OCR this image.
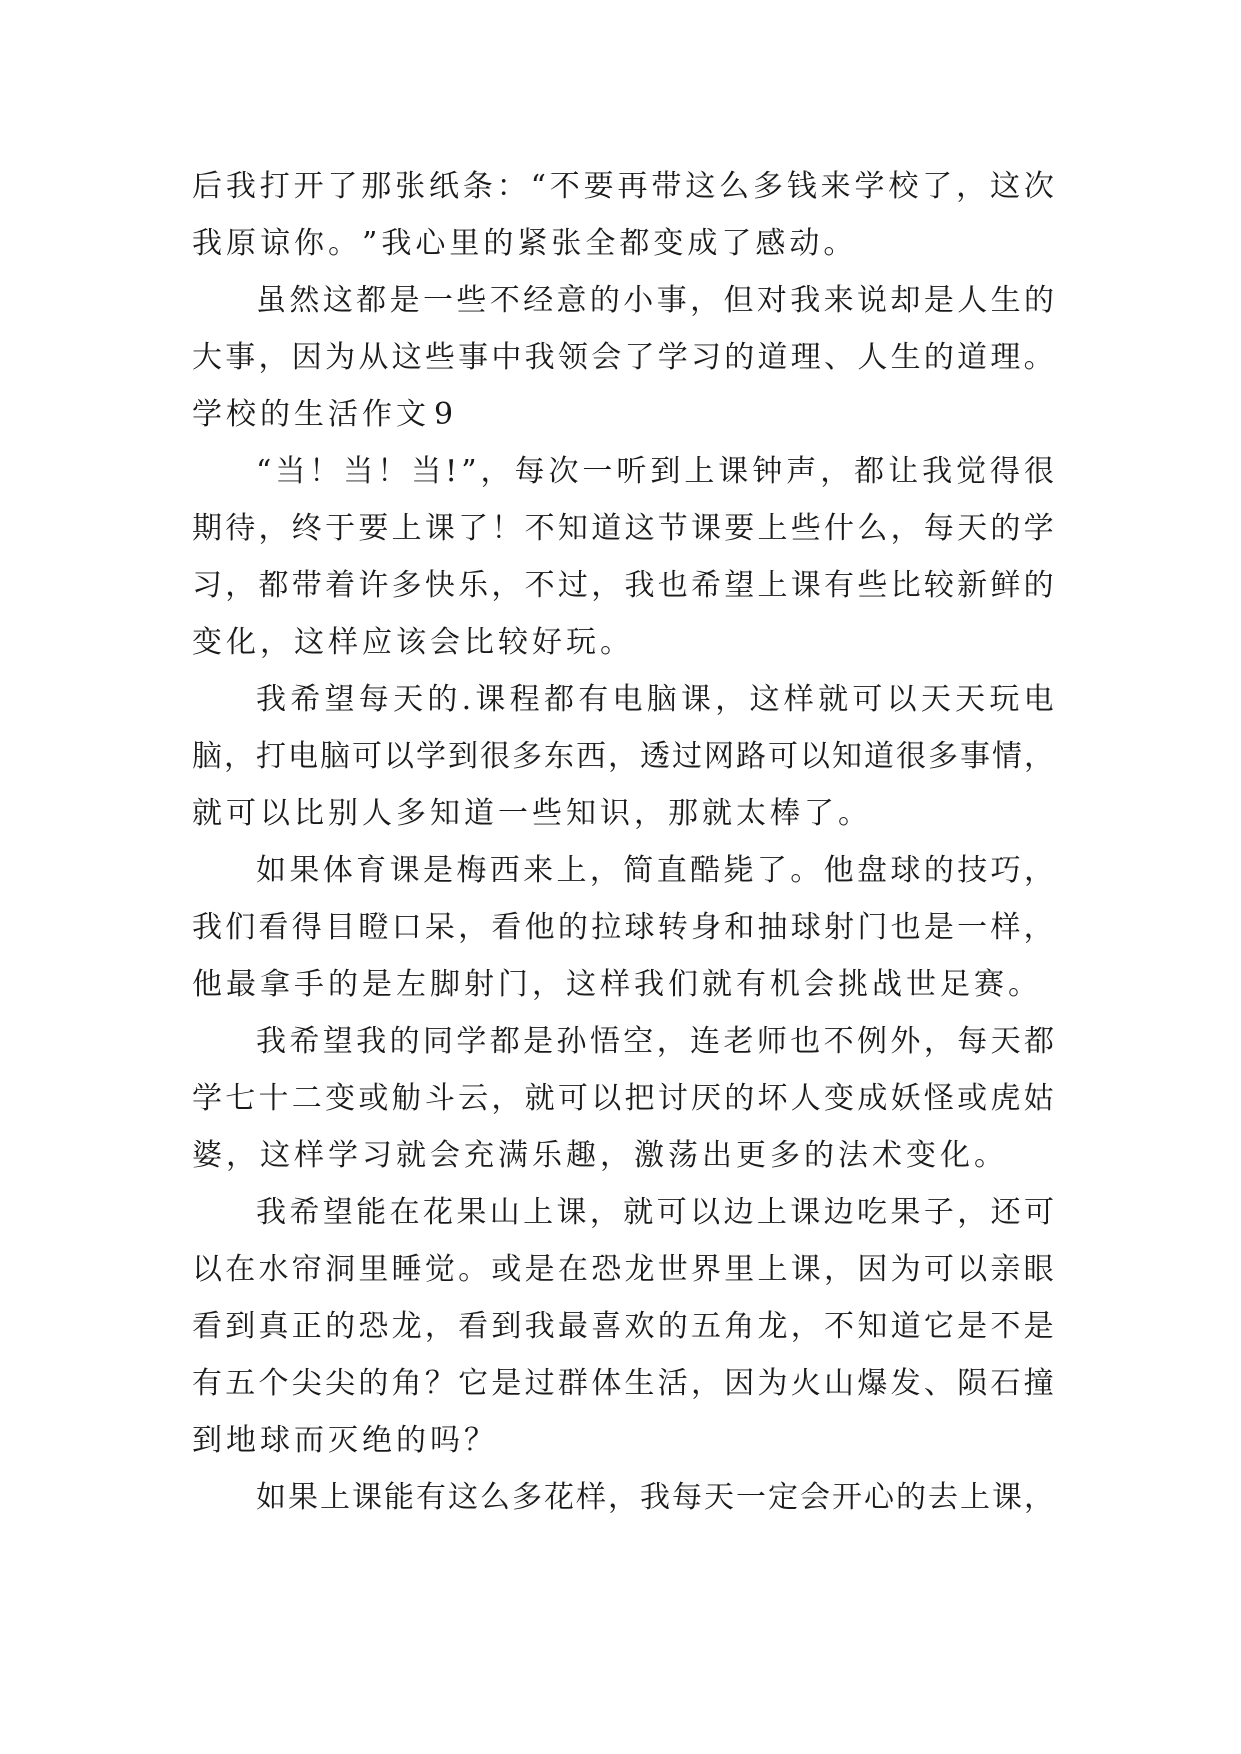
后 我 打 开 了 那 张 纸 条 ： “ 不 要 再 带 这 么 多 钱 来 学 校 了 ， 这 次
我 原 谅 你 。 ” 我 心 里 的 紧 张 全 都 变 成 了 感 动 。
虽 然 这 都 是 一 些 不 经 意 的 小 事 ， 但 对 我 来 说 却 是 人 生 的
大 事 ， 因 为 从 这 些 事 中 我 领 会 了 学 习 的 道 理 、 人 生 的 道 理 。
学 校 的 生 活 作 文 9
“ 当 ！ 当 ！ 当 ! ” ， 每 次 一 听 到 上 课 钟 声 ， 都 让 我 觉 得 很
期 待 ， 终 于 要 上 课 了 ！ 不 知 道 这 节 课 要 上 些 什 么 ， 每 天 的 学
习 ， 都 带 着 许 多 快 乐 ， 不 过 ， 我 也 希 望 上 课 有 些 比 较 新 鲜 的
变 化 ， 这 样 应 该 会 比 较 好 玩 。
我 希 望 每 天 的 . 课 程 都 有 电 脑 课 ， 这 样 就 可 以 天 天 玩 电
脑 ， 打 电 脑 可 以 学 到 很 多 东 西 ， 透 过 网 路 可 以 知 道 很 多 事 情 ，
就 可 以 比 别 人 多 知 道 一 些 知 识 ， 那 就 太 棒 了 。
如 果 体 育 课 是 梅 西 来 上 ， 简 直 酷 毙 了 。 他 盘 球 的 技 巧 ，
我 们 看 得 目 瞪 口 呆 ， 看 他 的 拉 球 转 身 和 抽 球 射 门 也 是 一 样 ，
他 最 拿 手 的 是 左 脚 射 门 ， 这 样 我 们 就 有 机 会 挑 战 世 足 赛 。
我 希 望 我 的 同 学 都 是 孙 悟 空 ， 连 老 师 也 不 例 外 ， 每 天 都
学 七 十 二 变 或 觔 斗 云 ， 就 可 以 把 讨 厌 的 坏 人 变 成 妖 怪 或 虎 姑
婆 ， 这 样 学 习 就 会 充 满 乐 趣 ， 激 荡 出 更 多 的 法 术 变 化 。
我 希 望 能 在 花 果 山 上 课 ， 就 可 以 边 上 课 边 吃 果 子 ， 还 可
以 在 水 帘 洞 里 睡 觉 。 或 是 在 恐 龙 世 界 里 上 课 ， 因 为 可 以 亲 眼
看 到 真 正 的 恐 龙 ， 看 到 我 最 喜 欢 的 五 角 龙 ， 不 知 道 它 是 不 是
有 五 个 尖 尖 的 角 ？ 它 是 过 群 体 生 活 ， 因 为 火 山 爆 发 、 陨 石 撞
到 地 球 而 灭 绝 的 吗 ？
如 果 上 课 能 有 这 么 多 花 样 ， 我 每 天 一 定 会 开 心 的 去 上 课 ，
